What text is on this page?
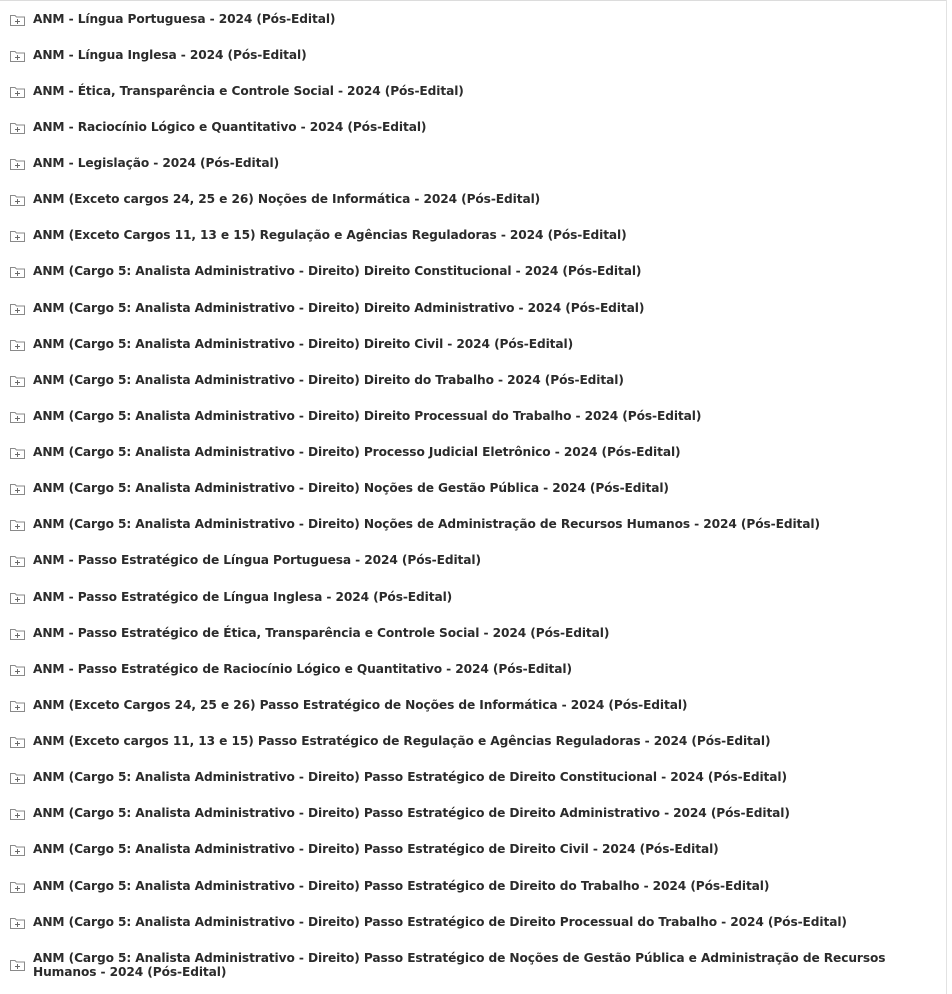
ANM - Língua Portuguesa - 2024 (Pós-Edital)
ANM - Língua Inglesa - 2024 (Pós-Edital)
ANM - Ética, Transparência e Controle Social - 2024 (Pós-Edital)
ANM - Raciocínio Lógico e Quantitativo - 2024 (Pós-Edital)
ANM - Legislação - 2024 (Pós-Edital)
ANM (Exceto cargos 24, 25 e 26) Noções de Informática - 2024 (Pós-Edital)
ANM (Exceto Cargos 11, 13 e 15) Regulação e Agências Reguladoras - 2024 (Pós-Edital)
ANM (Cargo 5: Analista Administrativo - Direito) Direito Constitucional - 2024 (Pós-Edital)
ANM (Cargo 5: Analista Administrativo - Direito) Direito Administrativo - 2024 (Pós-Edital)
ANM (Cargo 5: Analista Administrativo - Direito) Direito Civil - 2024 (Pós-Edital)
ANM (Cargo 5: Analista Administrativo - Direito) Direito do Trabalho - 2024 (Pós-Edital)
ANM (Cargo 5: Analista Administrativo - Direito) Direito Processual do Trabalho - 2024 (Pós-Edital)
ANM (Cargo 5: Analista Administrativo - Direito) Processo Judicial Eletrônico - 2024 (Pós-Edital)
ANM (Cargo 5: Analista Administrativo - Direito) Noções de Gestão Pública - 2024 (Pós-Edital)
ANM (Cargo 5: Analista Administrativo - Direito) Noções de Administração de Recursos Humanos - 2024 (Pós-Edital)
ANM - Passo Estratégico de Língua Portuguesa - 2024 (Pós-Edital)
ANM - Passo Estratégico de Língua Inglesa - 2024 (Pós-Edital)
ANM - Passo Estratégico de Ética, Transparência e Controle Social - 2024 (Pós-Edital)
ANM - Passo Estratégico de Raciocínio Lógico e Quantitativo - 2024 (Pós-Edital)
ANM (Exceto Cargos 24, 25 e 26) Passo Estratégico de Noções de Informática - 2024 (Pós-Edital)
ANM (Exceto cargos 11, 13 e 15) Passo Estratégico de Regulação e Agências Reguladoras - 2024 (Pós-Edital)
ANM (Cargo 5: Analista Administrativo - Direito) Passo Estratégico de Direito Constitucional - 2024 (Pós-Edital)
ANM (Cargo 5: Analista Administrativo - Direito) Passo Estratégico de Direito Administrativo - 2024 (Pós-Edital)
ANM (Cargo 5: Analista Administrativo - Direito) Passo Estratégico de Direito Civil - 2024 (Pós-Edital)
ANM (Cargo 5: Analista Administrativo - Direito) Passo Estratégico de Direito do Trabalho - 2024 (Pós-Edital)
ANM (Cargo 5: Analista Administrativo - Direito) Passo Estratégico de Direito Processual do Trabalho - 2024 (Pós-Edital)
ANM (Cargo 5: Analista Administrativo - Direito) Passo Estratégico de Noções de Gestão Pública e Administração de Recursos Humanos - 2024 (Pós-Edital)
